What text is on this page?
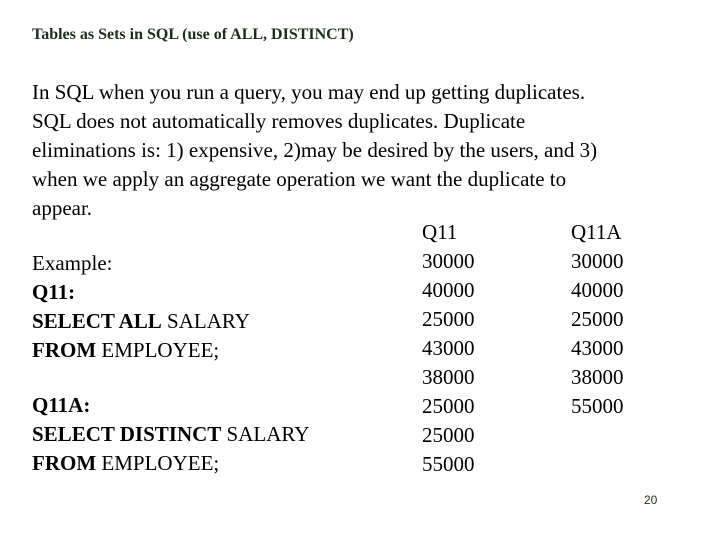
Tables as Sets in SQL (use of ALL, DISTINCT)
In SQL when you run a query, you may end up getting duplicates.
SQL does not automatically removes duplicates. Duplicate
eliminations is: 1) expensive, 2)may be desired by the users, and 3)
when we apply an aggregate operation we want the duplicate to
appear.
Example:
Q11:
SELECT ALL SALARY
FROM EMPLOYEE;
Q11A:
SELECT DISTINCT SALARY
FROM EMPLOYEE;
Q11
30000
40000
25000
43000
38000
25000
25000
55000
Q11A
30000
40000
25000
43000
38000
55000
20
